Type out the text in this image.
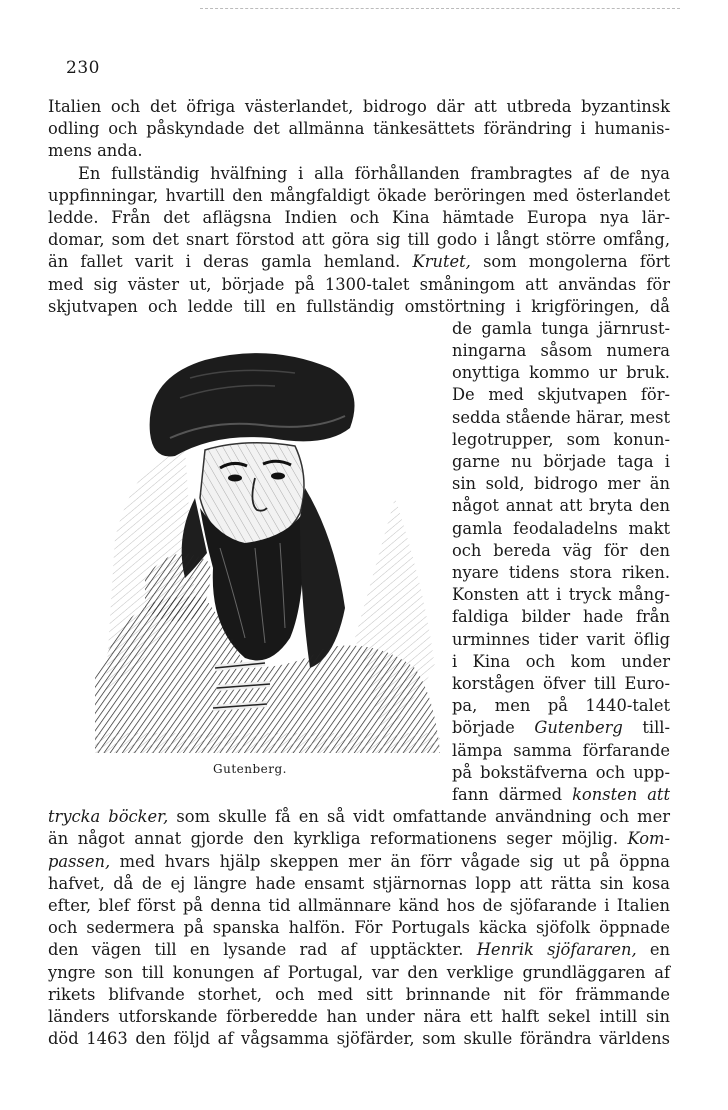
230
Italien och det öfriga västerlandet, bidrogo där att utbreda byzantinsk
odling och påskyndade det allmänna tänkesättets förändring i humanis-
mens anda.
En fullständig hvälfning i alla förhållanden frambragtes af de nya
uppfinningar, hvartill den mångfaldigt ökade beröringen med österlandet
ledde. Från det aflägsna Indien och Kina hämtade Europa nya lär-
domar, som det snart förstod att göra sig till godo i långt större omfång,
än fallet varit i deras gamla hemland. Krutet, som mongolerna fört
med sig väster ut, började på 1300-talet småningom att användas för
skjutvapen och ledde till en fullständig omstörtning i krigföringen, då
de gamla tunga järnrust-
ningarna såsom numera
onyttiga kommo ur bruk.
De med skjutvapen för-
sedda stående härar, mest
legotrupper, som konun-
garne nu började taga i
sin sold, bidrogo mer än
något annat att bryta den
gamla feodaladelns makt
och bereda väg för den
nyare tidens stora riken.
Konsten att i tryck mång-
faldiga bilder hade från
urminnes tider varit öflig
i Kina och kom under
korstågen öfver till Euro-
pa, men på 1440-talet
började Gutenberg till-
lämpa samma förfarande
på bokstäfverna och upp-
fann därmed konsten att
Gutenberg.
trycka böcker, som skulle få en så vidt omfattande användning och mer
än något annat gjorde den kyrkliga reformationens seger möjlig. Kom-
passen, med hvars hjälp skeppen mer än förr vågade sig ut på öppna
hafvet, då de ej längre hade ensamt stjärnornas lopp att rätta sin kosa
efter, blef först på denna tid allmännare känd hos de sjöfarande i Italien
och sedermera på spanska halfön. För Portugals käcka sjöfolk öppnade
den vägen till en lysande rad af upptäckter. Henrik sjöfararen, en
yngre son till konungen af Portugal, var den verklige grundläggaren af
rikets blifvande storhet, och med sitt brinnande nit för främmande
länders utforskande förberedde han under nära ett halft sekel intill sin
död 1463 den följd af vågsamma sjöfärder, som skulle förändra världens
